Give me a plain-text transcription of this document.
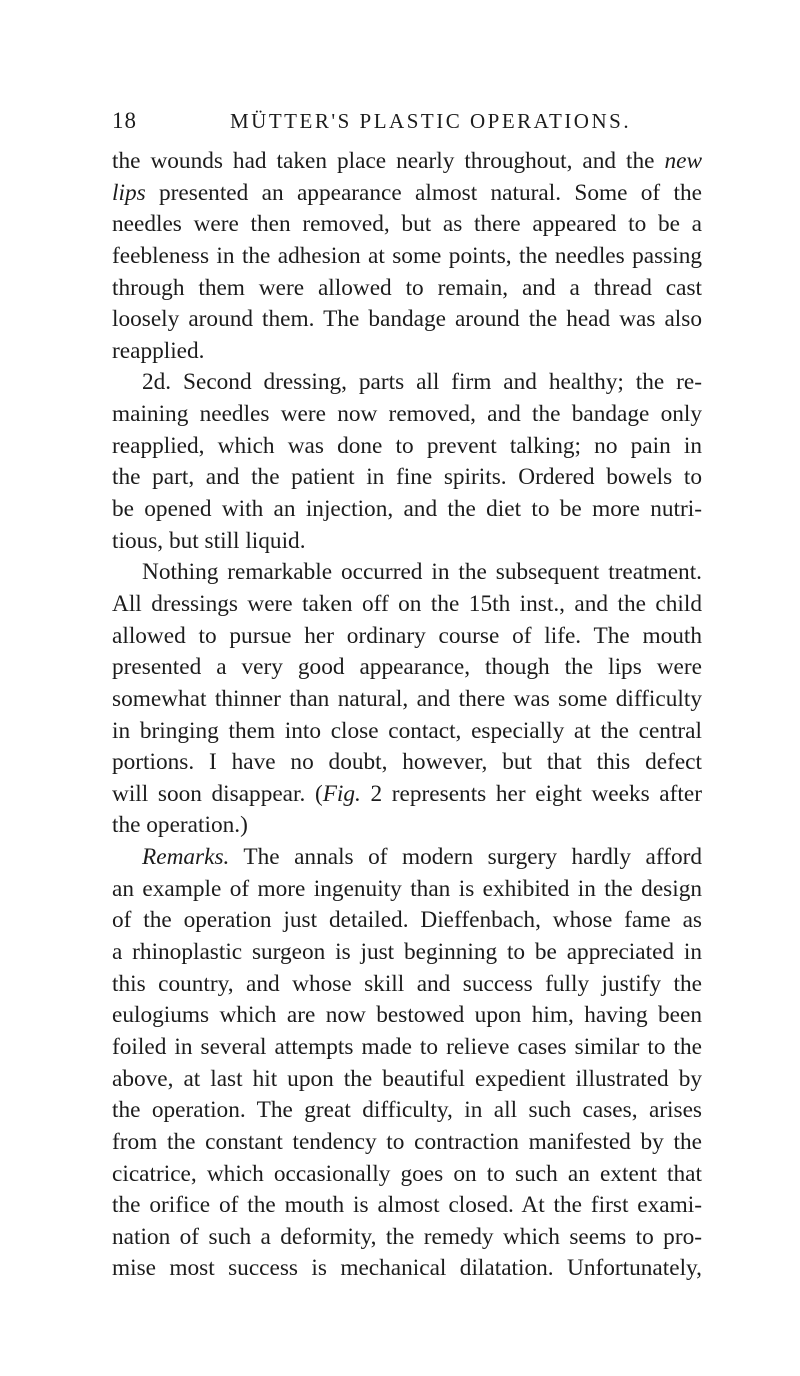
18	MÜTTER'S PLASTIC OPERATIONS.
the wounds had taken place nearly throughout, and the new
lips presented an appearance almost natural. Some of the
needles were then removed, but as there appeared to be a
feebleness in the adhesion at some points, the needles passing
through them were allowed to remain, and a thread cast
loosely around them. The bandage around the head was also
reapplied.
2d. Second dressing, parts all firm and healthy; the re-
maining needles were now removed, and the bandage only
reapplied, which was done to prevent talking; no pain in
the part, and the patient in fine spirits. Ordered bowels to
be opened with an injection, and the diet to be more nutri-
tious, but still liquid.
Nothing remarkable occurred in the subsequent treatment.
All dressings were taken off on the 15th inst., and the child
allowed to pursue her ordinary course of life. The mouth
presented a very good appearance, though the lips were
somewhat thinner than natural, and there was some difficulty
in bringing them into close contact, especially at the central
portions. I have no doubt, however, but that this defect
will soon disappear. (Fig. 2 represents her eight weeks after
the operation.)
Remarks. The annals of modern surgery hardly afford
an example of more ingenuity than is exhibited in the design
of the operation just detailed. Dieffenbach, whose fame as
a rhinoplastic surgeon is just beginning to be appreciated in
this country, and whose skill and success fully justify the
eulogiums which are now bestowed upon him, having been
foiled in several attempts made to relieve cases similar to the
above, at last hit upon the beautiful expedient illustrated by
the operation. The great difficulty, in all such cases, arises
from the constant tendency to contraction manifested by the
cicatrice, which occasionally goes on to such an extent that
the orifice of the mouth is almost closed. At the first exami-
nation of such a deformity, the remedy which seems to pro-
mise most success is mechanical dilatation. Unfortunately,
